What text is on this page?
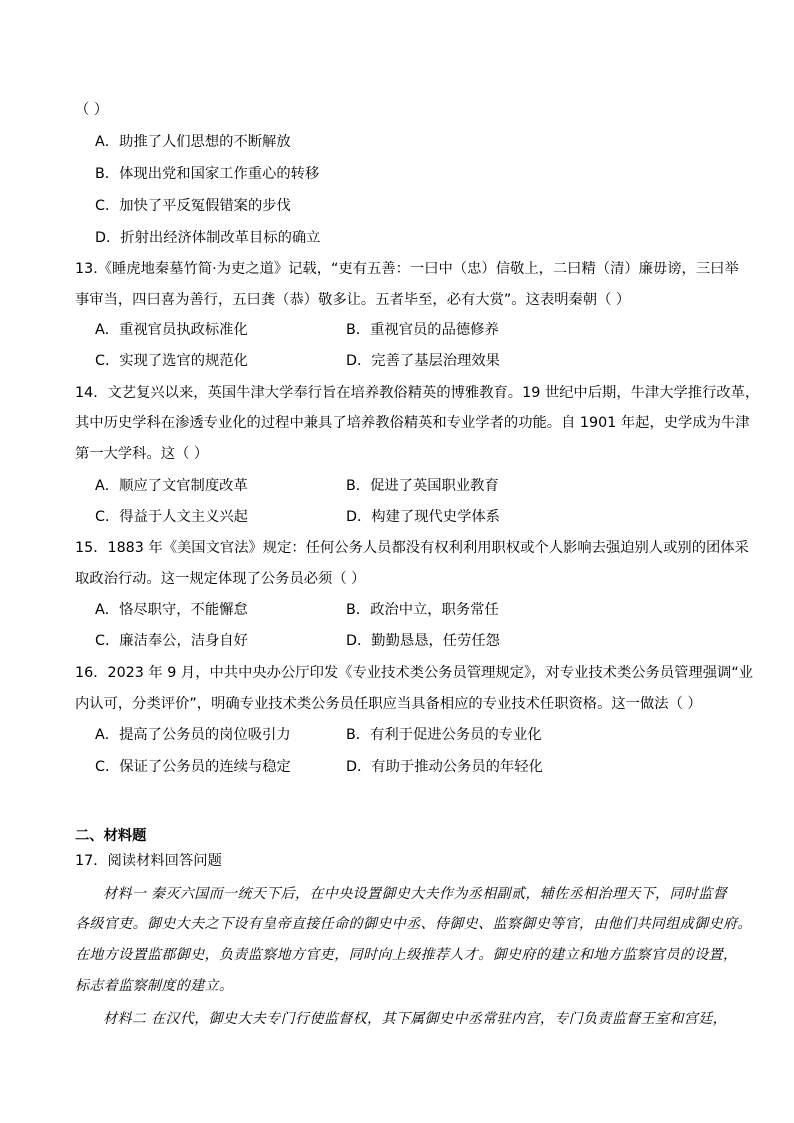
（ ）
A．助推了人们思想的不断解放
B．体现出党和国家工作重心的转移
C．加快了平反冤假错案的步伐
D．折射出经济体制改革目标的确立
13.《睡虎地秦墓竹简·为吏之道》记载，“吏有五善：一曰中（忠）信敬上，二曰精（清）廉毋谤，三曰举
事审当，四曰喜为善行，五曰龚（恭）敬多让。五者毕至，必有大赏”。这表明秦朝（ ）
A．重视官员执政标准化	B．重视官员的品德修养
C．实现了选官的规范化	D．完善了基层治理效果
14．文艺复兴以来，英国牛津大学奉行旨在培养教俗精英的博雅教育。19 世纪中后期，牛津大学推行改革，
其中历史学科在渗透专业化的过程中兼具了培养教俗精英和专业学者的功能。自 1901 年起，史学成为牛津
第一大学科。这（ ）
A．顺应了文官制度改革	B．促进了英国职业教育
C．得益于人文主义兴起	D．构建了现代史学体系
15．1883 年《美国文官法》规定：任何公务人员都没有权利利用职权或个人影响去强迫别人或别的团体采
取政治行动。这一规定体现了公务员必须（ ）
A．恪尽职守，不能懈怠	B．政治中立，职务常任
C．廉洁奉公，洁身自好	D．勤勤恳恳，任劳任怨
16．2023 年 9 月，中共中央办公厅印发《专业技术类公务员管理规定》，对专业技术类公务员管理强调“业
内认可，分类评价”，明确专业技术类公务员任职应当具备相应的专业技术任职资格。这一做法（ ）
A．提高了公务员的岗位吸引力	B．有利于促进公务员的专业化
C．保证了公务员的连续与稳定	D．有助于推动公务员的年轻化
二、材料题
17．阅读材料回答问题
材料一 秦灭六国而一统天下后，在中央设置御史大夫作为丞相副贰，辅佐丞相治理天下，同时监督
各级官吏。御史大夫之下设有皇帝直接任命的御史中丞、侍御史、监察御史等官，由他们共同组成御史府。
在地方设置监郡御史，负责监察地方官吏，同时向上级推荐人才。御史府的建立和地方监察官员的设置，
标志着监察制度的建立。
材料二 在汉代，御史大夫专门行使监督权，其下属御史中丞常驻内宫，专门负责监督王室和宫廷，
